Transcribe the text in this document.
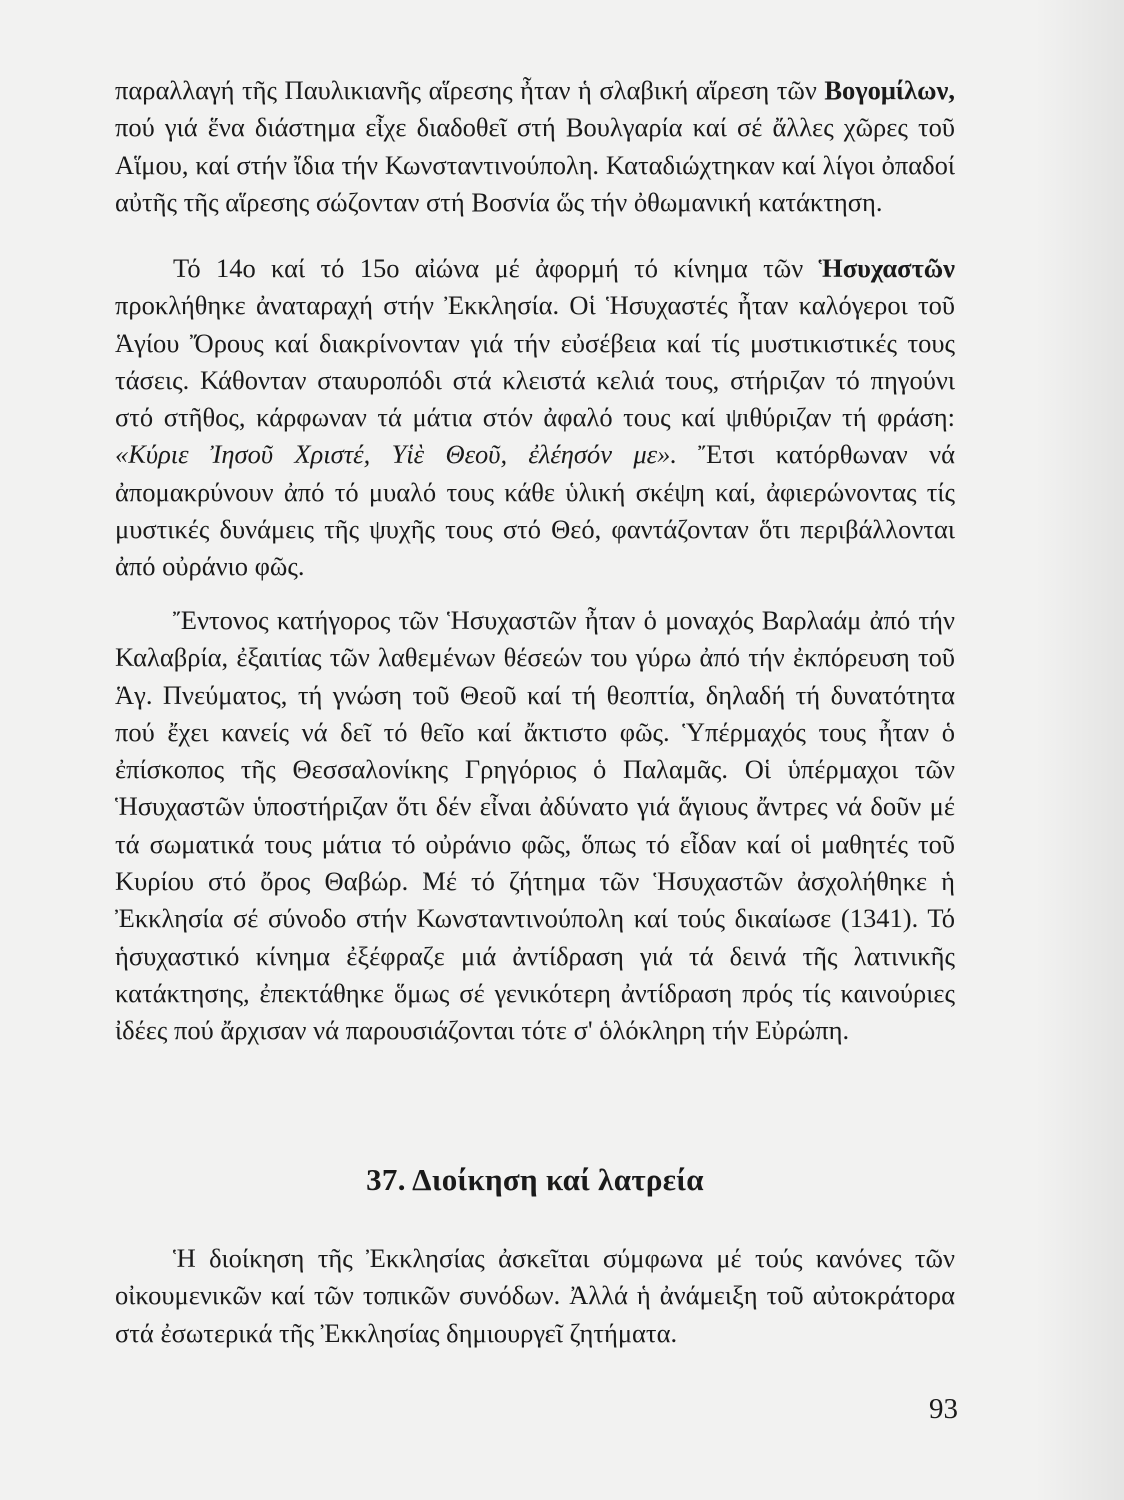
παραλλαγή τῆς Παυλικιανῆς αἵρεσης ἦταν ἡ σλαβική αἵρεση τῶν Βογομίλων, πού γιά ἕνα διάστημα εἶχε διαδοθεῖ στή Βουλγαρία καί σέ ἄλλες χῶρες τοῦ Αἵμου, καί στήν ἴδια τήν Κωνσταντινούπολη. Καταδιώχτηκαν καί λίγοι ὀπαδοί αὐτῆς τῆς αἵρεσης σώζονταν στή Βοσνία ὥς τήν ὀθωμανική κατάκτηση.

Τό 14ο καί τό 15ο αἰώνα μέ ἀφορμή τό κίνημα τῶν Ἡσυχαστῶν προκλήθηκε ἀναταραχή στήν Ἐκκλησία. Οἱ Ἡσυχαστές ἦταν καλόγεροι τοῦ Ἁγίου Ὄρους καί διακρίνονταν γιά τήν εὐσέβεια καί τίς μυστικιστικές τους τάσεις. Κάθονταν σταυροπόδι στά κλειστά κελιά τους, στήριζαν τό πηγούνι στό στῆθος, κάρφωναν τά μάτια στόν ἀφαλό τους καί ψιθύριζαν τή φράση: «Κύριε Ἰησοῦ Χριστέ, Υἱὲ Θεοῦ, ἐλέησόν με». Ἔτσι κατόρθωναν νά ἀπομακρύνουν ἀπό τό μυαλό τους κάθε ὑλική σκέψη καί, ἀφιερώνοντας τίς μυστικές δυνάμεις τῆς ψυχῆς τους στό Θεό, φαντάζονταν ὅτι περιβάλλονται ἀπό οὐράνιο φῶς.

Ἔντονος κατήγορος τῶν Ἡσυχαστῶν ἦταν ὁ μοναχός Βαρλαάμ ἀπό τήν Καλαβρία, ἐξαιτίας τῶν λαθεμένων θέσεών του γύρω ἀπό τήν ἐκπόρευση τοῦ Ἁγ. Πνεύματος, τή γνώση τοῦ Θεοῦ καί τή θεοπτία, δηλαδή τή δυνατότητα πού ἔχει κανείς νά δεῖ τό θεῖο καί ἄκτιστο φῶς. Ὑπέρμαχός τους ἦταν ὁ ἐπίσκοπος τῆς Θεσσαλονίκης Γρηγόριος ὁ Παλαμᾶς. Οἱ ὑπέρμαχοι τῶν Ἡσυχαστῶν ὑποστήριζαν ὅτι δέν εἶναι ἀδύνατο γιά ἅγιους ἄντρες νά δοῦν μέ τά σωματικά τους μάτια τό οὐράνιο φῶς, ὅπως τό εἶδαν καί οἱ μαθητές τοῦ Κυρίου στό ὄρος Θαβώρ. Μέ τό ζήτημα τῶν Ἡσυχαστῶν ἀσχολήθηκε ἡ Ἐκκλησία σέ σύνοδο στήν Κωνσταντινούπολη καί τούς δικαίωσε (1341). Τό ἡσυχαστικό κίνημα ἐξέφραζε μιά ἀντίδραση γιά τά δεινά τῆς λατινικῆς κατάκτησης, ἐπεκτάθηκε ὅμως σέ γενικότερη ἀντίδραση πρός τίς καινούριες ἰδέες πού ἄρχισαν νά παρουσιάζονται τότε σ' ὁλόκληρη τήν Εὐρώπη.

37. Διοίκηση καί λατρεία

Ἡ διοίκηση τῆς Ἐκκλησίας ἀσκεῖται σύμφωνα μέ τούς κανόνες τῶν οἰκουμενικῶν καί τῶν τοπικῶν συνόδων. Ἀλλά ἡ ἀνάμειξη τοῦ αὐτοκράτορα στά ἐσωτερικά τῆς Ἐκκλησίας δημιουργεῖ ζητήματα.

93
